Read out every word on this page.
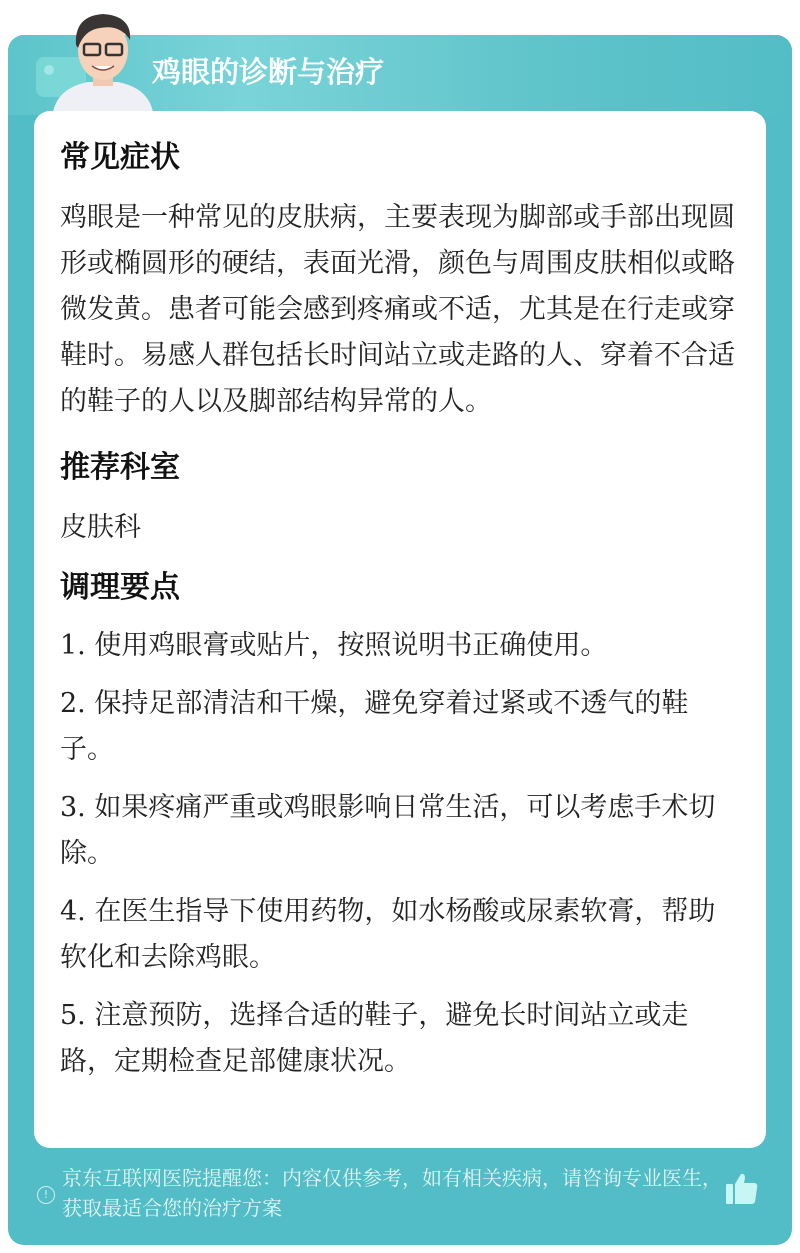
鸡眼的诊断与治疗
常见症状

鸡眼是一种常见的皮肤病，主要表现为脚部或手部出现圆形或椭圆形的硬结，表面光滑，颜色与周围皮肤相似或略微发黄。患者可能会感到疼痛或不适，尤其是在行走或穿鞋时。易感人群包括长时间站立或走路的人、穿着不合适的鞋子的人以及脚部结构异常的人。

推荐科室

皮肤科

调理要点

1. 使用鸡眼膏或贴片，按照说明书正确使用。

2. 保持足部清洁和干燥，避免穿着过紧或不透气的鞋子。

3. 如果疼痛严重或鸡眼影响日常生活，可以考虑手术切除。

4. 在医生指导下使用药物，如水杨酸或尿素软膏，帮助软化和去除鸡眼。

5. 注意预防，选择合适的鞋子，避免长时间站立或走路，定期检查足部健康状况。

!
京东互联网医院提醒您：内容仅供参考，如有相关疾病，请咨询专业医生，获取最适合您的治疗方案
